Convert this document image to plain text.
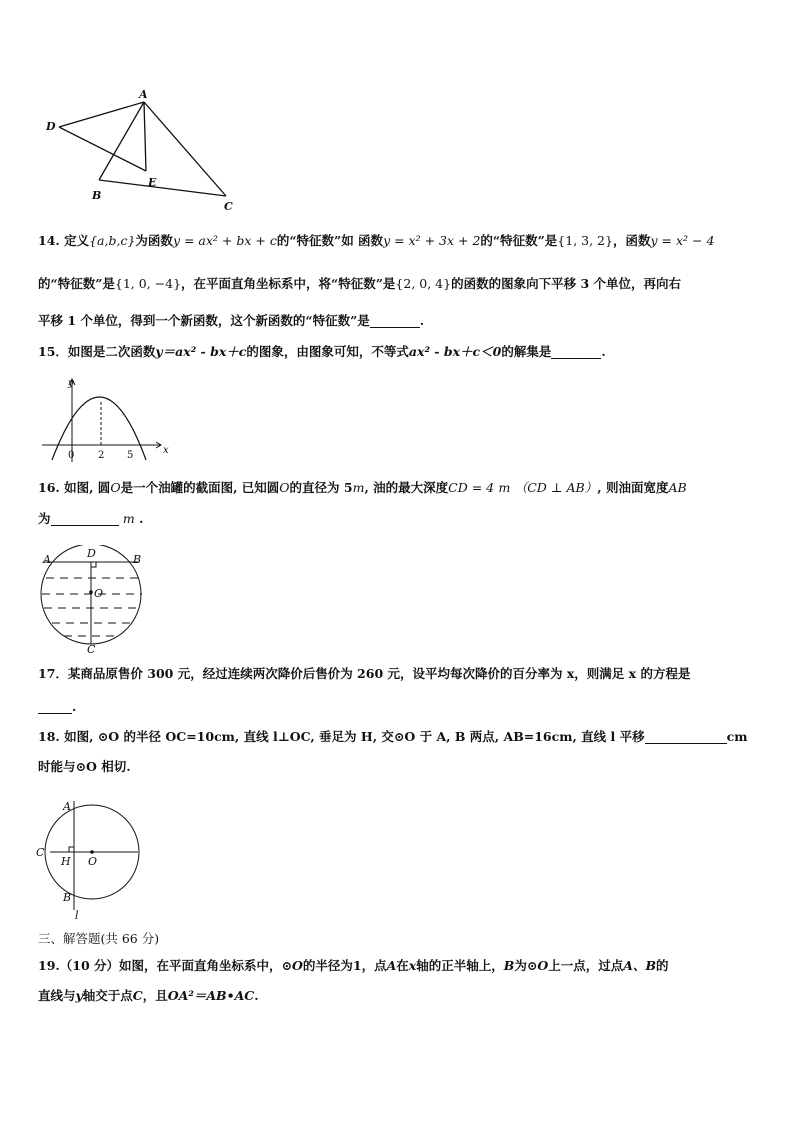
A
D
E
B
C
14. 定义{a,b,c}为函数y = ax² + bx + c的“特征数”如 函数y = x² + 3x + 2的“特征数”是{1, 3, 2}，函数y = x² − 4
的“特征数”是{1, 0, −4}，在平面直角坐标系中，将“特征数”是{2, 0, 4}的函数的图象向下平移 3 个单位，再向右
平移 1 个单位，得到一个新函数，这个新函数的“特征数”是	.
15．如图是二次函数y＝ax² - bx＋c的图象，由图象可知，不等式ax² - bx＋c＜0的解集是	.
y
x
0 2 5
16. 如图, 圆O是一个油罐的截面图, 已知圆O的直径为 5m, 油的最大深度CD = 4 m （CD ⊥ AB）, 则油面宽度AB
为	m .
A	D	B
O
C
17．某商品原售价 300 元，经过连续两次降价后售价为 260 元，设平均每次降价的百分率为 x，则满足 x 的方程是
.
18. 如图, ⊙O 的半径 OC=10cm, 直线 l⊥OC, 垂足为 H, 交⊙O 于 A, B 两点, AB=16cm, 直线 l 平移	cm
时能与⊙O 相切.
A
C
H O
B
l
三、解答题(共 66 分)
19.（10 分）如图，在平面直角坐标系中，⊙O的半径为1，点A在x轴的正半轴上，B为⊙O上一点，过点A、B的
直线与y轴交于点C，且OA²＝AB•AC.
